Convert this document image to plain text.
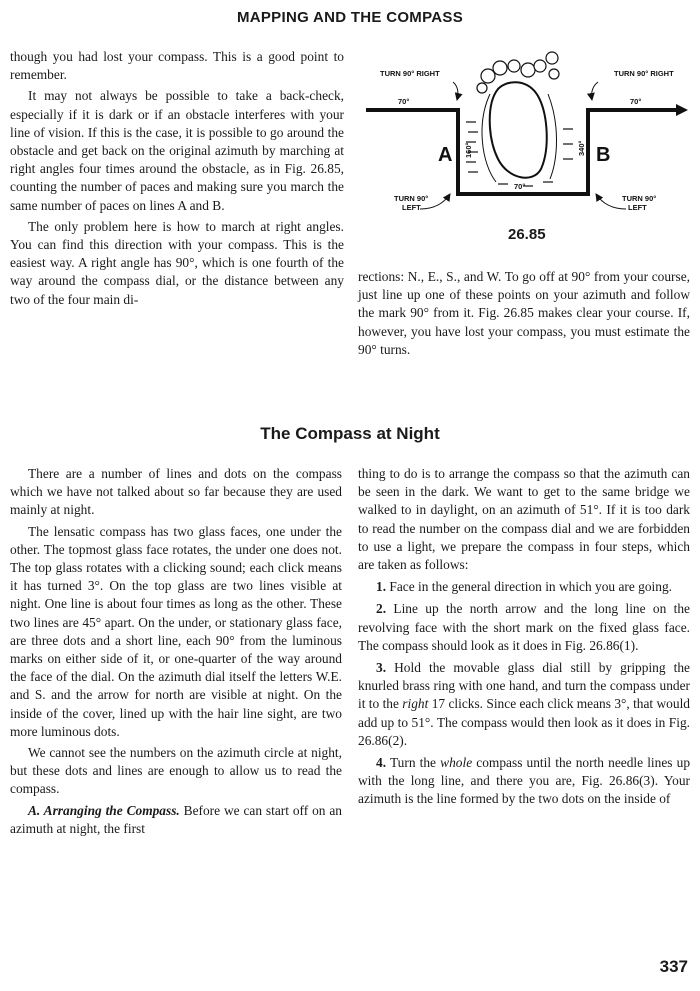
MAPPING AND THE COMPASS

though you had lost your compass. This is a good point to remember.

It may not always be possible to take a back-check, especially if it is dark or if an obstacle interferes with your line of vision. If this is the case, it is possible to go around the obstacle and get back on the original azimuth by marching at right angles four times around the obstacle, as in Fig. 26.85, counting the number of paces and making sure you march the same number of paces on lines A and B.

The only problem here is how to march at right angles. You can find this direction with your compass. This is the easiest way. A right angle has 90°, which is one fourth of the way around the compass dial, or the distance between any two of the four main di-

TURN 90° RIGHT	TURN 90° RIGHT
70°	70°
70°
160°	340°
A	B
TURN 90°
LEFT
TURN 90°
LEFT
26.85

rections: N., E., S., and W. To go off at 90° from your course, just line up one of these points on your azimuth and follow the mark 90° from it. Fig. 26.85 makes clear your course. If, however, you have lost your compass, you must estimate the 90° turns.

The Compass at Night

There are a number of lines and dots on the compass which we have not talked about so far because they are used mainly at night.

The lensatic compass has two glass faces, one under the other. The topmost glass face rotates, the under one does not. The top glass rotates with a clicking sound; each click means it has turned 3°. On the top glass are two lines visible at night. One line is about four times as long as the other. These two lines are 45° apart. On the under, or stationary glass face, are three dots and a short line, each 90° from the luminous marks on either side of it, or one-quarter of the way around the face of the dial. On the azimuth dial itself the letters W.E. and S. and the arrow for north are visible at night. On the inside of the cover, lined up with the hair line sight, are two more luminous dots.

We cannot see the numbers on the azimuth circle at night, but these dots and lines are enough to allow us to read the compass.

A. Arranging the Compass. Before we can start off on an azimuth at night, the first

thing to do is to arrange the compass so that the azimuth can be seen in the dark. We want to get to the same bridge we walked to in daylight, on an azimuth of 51°. If it is too dark to read the number on the compass dial and we are forbidden to use a light, we prepare the compass in four steps, which are taken as follows:

1. Face in the general direction in which you are going.

2. Line up the north arrow and the long line on the revolving face with the short mark on the fixed glass face. The compass should look as it does in Fig. 26.86(1).

3. Hold the movable glass dial still by gripping the knurled brass ring with one hand, and turn the compass under it to the right 17 clicks. Since each click means 3°, that would add up to 51°. The compass would then look as it does in Fig. 26.86(2).

4. Turn the whole compass until the north needle lines up with the long line, and there you are, Fig. 26.86(3). Your azimuth is the line formed by the two dots on the inside of

337
